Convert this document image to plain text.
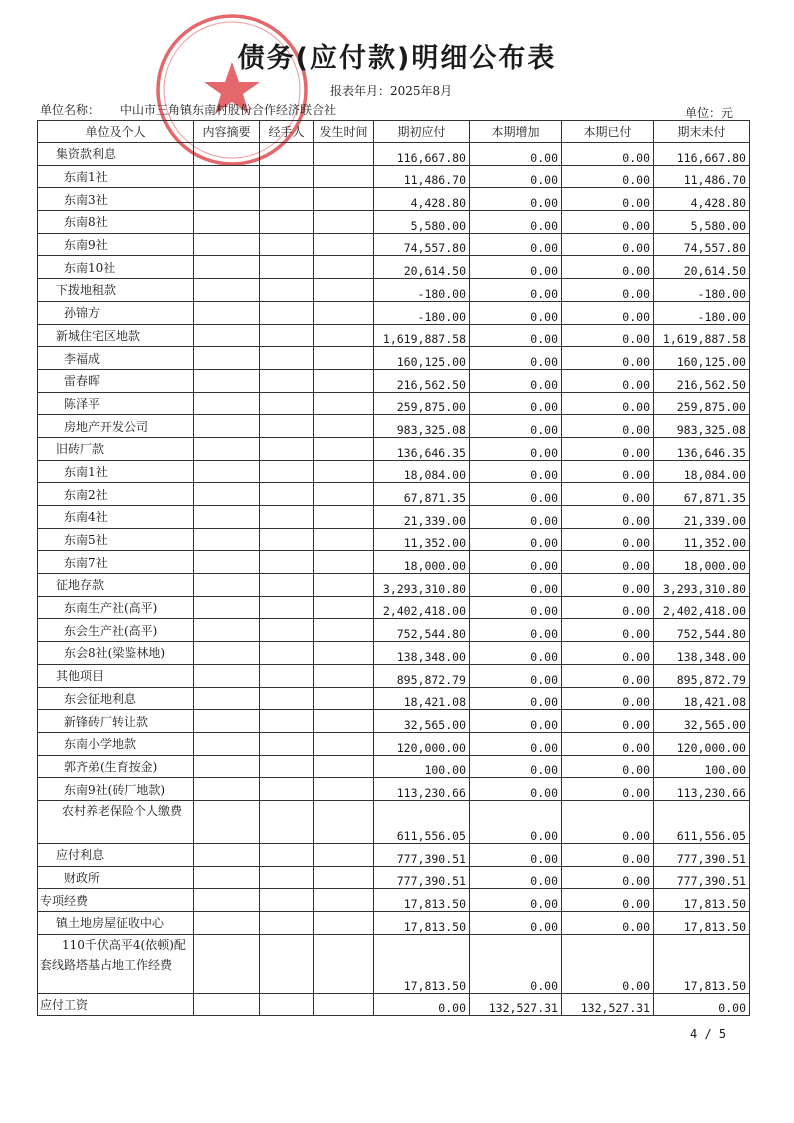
债务(应付款)明细公布表
报表年月：2025年8月
单位名称： 中山市三角镇东南村股份合作经济联合社	单位：元
单位及个人	内容摘要	经手人	发生时间	期初应付	本期增加	本期已付	期末未付
集资款利息				116,667.80	0.00	0.00	116,667.80
东南1社				11,486.70	0.00	0.00	11,486.70
东南3社				4,428.80	0.00	0.00	4,428.80
东南8社				5,580.00	0.00	0.00	5,580.00
东南9社				74,557.80	0.00	0.00	74,557.80
东南10社				20,614.50	0.00	0.00	20,614.50
下拨地租款				-180.00	0.00	0.00	-180.00
孙锦方				-180.00	0.00	0.00	-180.00
新城住宅区地款				1,619,887.58	0.00	0.00	1,619,887.58
李福成				160,125.00	0.00	0.00	160,125.00
雷春晖				216,562.50	0.00	0.00	216,562.50
陈泽平				259,875.00	0.00	0.00	259,875.00
房地产开发公司				983,325.08	0.00	0.00	983,325.08
旧砖厂款				136,646.35	0.00	0.00	136,646.35
东南1社				18,084.00	0.00	0.00	18,084.00
东南2社				67,871.35	0.00	0.00	67,871.35
东南4社				21,339.00	0.00	0.00	21,339.00
东南5社				11,352.00	0.00	0.00	11,352.00
东南7社				18,000.00	0.00	0.00	18,000.00
征地存款				3,293,310.80	0.00	0.00	3,293,310.80
东南生产社(高平)				2,402,418.00	0.00	0.00	2,402,418.00
东会生产社(高平)				752,544.80	0.00	0.00	752,544.80
东会8社(梁鉴林地)				138,348.00	0.00	0.00	138,348.00
其他项目				895,872.79	0.00	0.00	895,872.79
东会征地利息				18,421.08	0.00	0.00	18,421.08
新锋砖厂转让款				32,565.00	0.00	0.00	32,565.00
东南小学地款				120,000.00	0.00	0.00	120,000.00
郭齐弟(生育按金)				100.00	0.00	0.00	100.00
东南9社(砖厂地款)				113,230.66	0.00	0.00	113,230.66
农村养老保险个人缴费				611,556.05	0.00	0.00	611,556.05
应付利息				777,390.51	0.00	0.00	777,390.51
财政所				777,390.51	0.00	0.00	777,390.51
专项经费				17,813.50	0.00	0.00	17,813.50
镇土地房屋征收中心				17,813.50	0.00	0.00	17,813.50
110千伏高平4(依顿)配套线路塔基占地工作经费				17,813.50	0.00	0.00	17,813.50
应付工资				0.00	132,527.31	132,527.31	0.00
4 / 5
